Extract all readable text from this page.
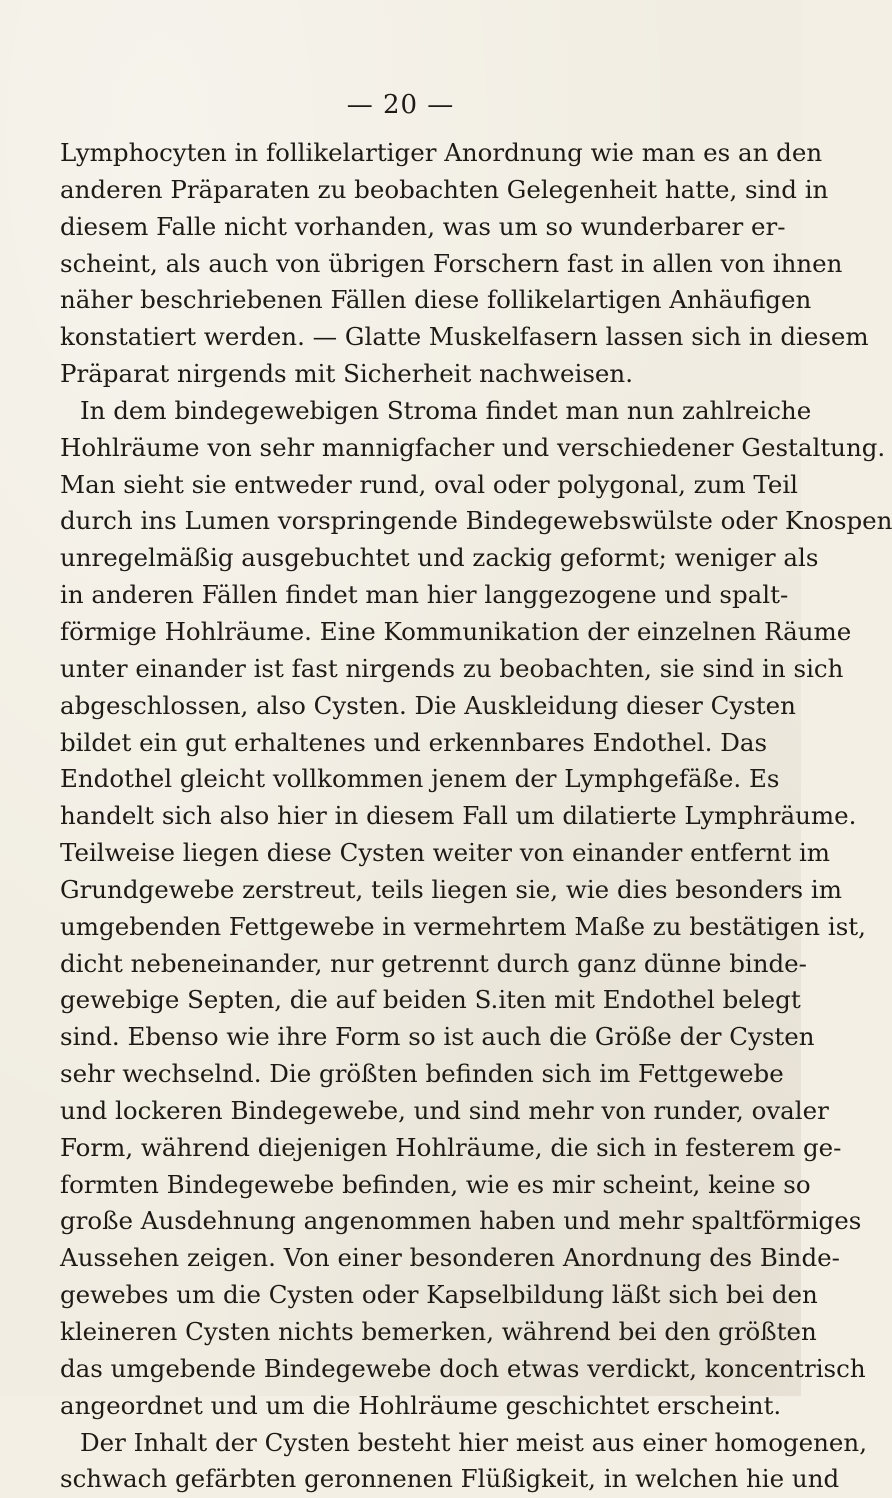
— 20 —
Lymphocyten in follikelartiger Anordnung wie man es an den
anderen Präparaten zu beobachten Gelegenheit hatte, sind in
diesem Falle nicht vorhanden, was um so wunderbarer er-
scheint, als auch von übrigen Forschern fast in allen von ihnen
näher beschriebenen Fällen diese follikelartigen Anhäufigen
konstatiert werden. — Glatte Muskelfasern lassen sich in diesem
Präparat nirgends mit Sicherheit nachweisen.
In dem bindegewebigen Stroma findet man nun zahlreiche
Hohlräume von sehr mannigfacher und verschiedener Gestaltung.
Man sieht sie entweder rund, oval oder polygonal, zum Teil
durch ins Lumen vorspringende Bindegewebswülste oder Knospen
unregelmäßig ausgebuchtet und zackig geformt; weniger als
in anderen Fällen findet man hier langgezogene und spalt-
förmige Hohlräume. Eine Kommunikation der einzelnen Räume
unter einander ist fast nirgends zu beobachten, sie sind in sich
abgeschlossen, also Cysten. Die Auskleidung dieser Cysten
bildet ein gut erhaltenes und erkennbares Endothel. Das
Endothel gleicht vollkommen jenem der Lymphgefäße. Es
handelt sich also hier in diesem Fall um dilatierte Lymphräume.
Teilweise liegen diese Cysten weiter von einander entfernt im
Grundgewebe zerstreut, teils liegen sie, wie dies besonders im
umgebenden Fettgewebe in vermehrtem Maße zu bestätigen ist,
dicht nebeneinander, nur getrennt durch ganz dünne binde-
gewebige Septen, die auf beiden S.iten mit Endothel belegt
sind. Ebenso wie ihre Form so ist auch die Größe der Cysten
sehr wechselnd. Die größten befinden sich im Fettgewebe
und lockeren Bindegewebe, und sind mehr von runder, ovaler
Form, während diejenigen Hohlräume, die sich in festerem ge-
formten Bindegewebe befinden, wie es mir scheint, keine so
große Ausdehnung angenommen haben und mehr spaltförmiges
Aussehen zeigen. Von einer besonderen Anordnung des Binde-
gewebes um die Cysten oder Kapselbildung läßt sich bei den
kleineren Cysten nichts bemerken, während bei den größten
das umgebende Bindegewebe doch etwas verdickt, koncentrisch
angeordnet und um die Hohlräume geschichtet erscheint.
Der Inhalt der Cysten besteht hier meist aus einer homogenen,
schwach gefärbten geronnenen Flüßigkeit, in welchen hie und
